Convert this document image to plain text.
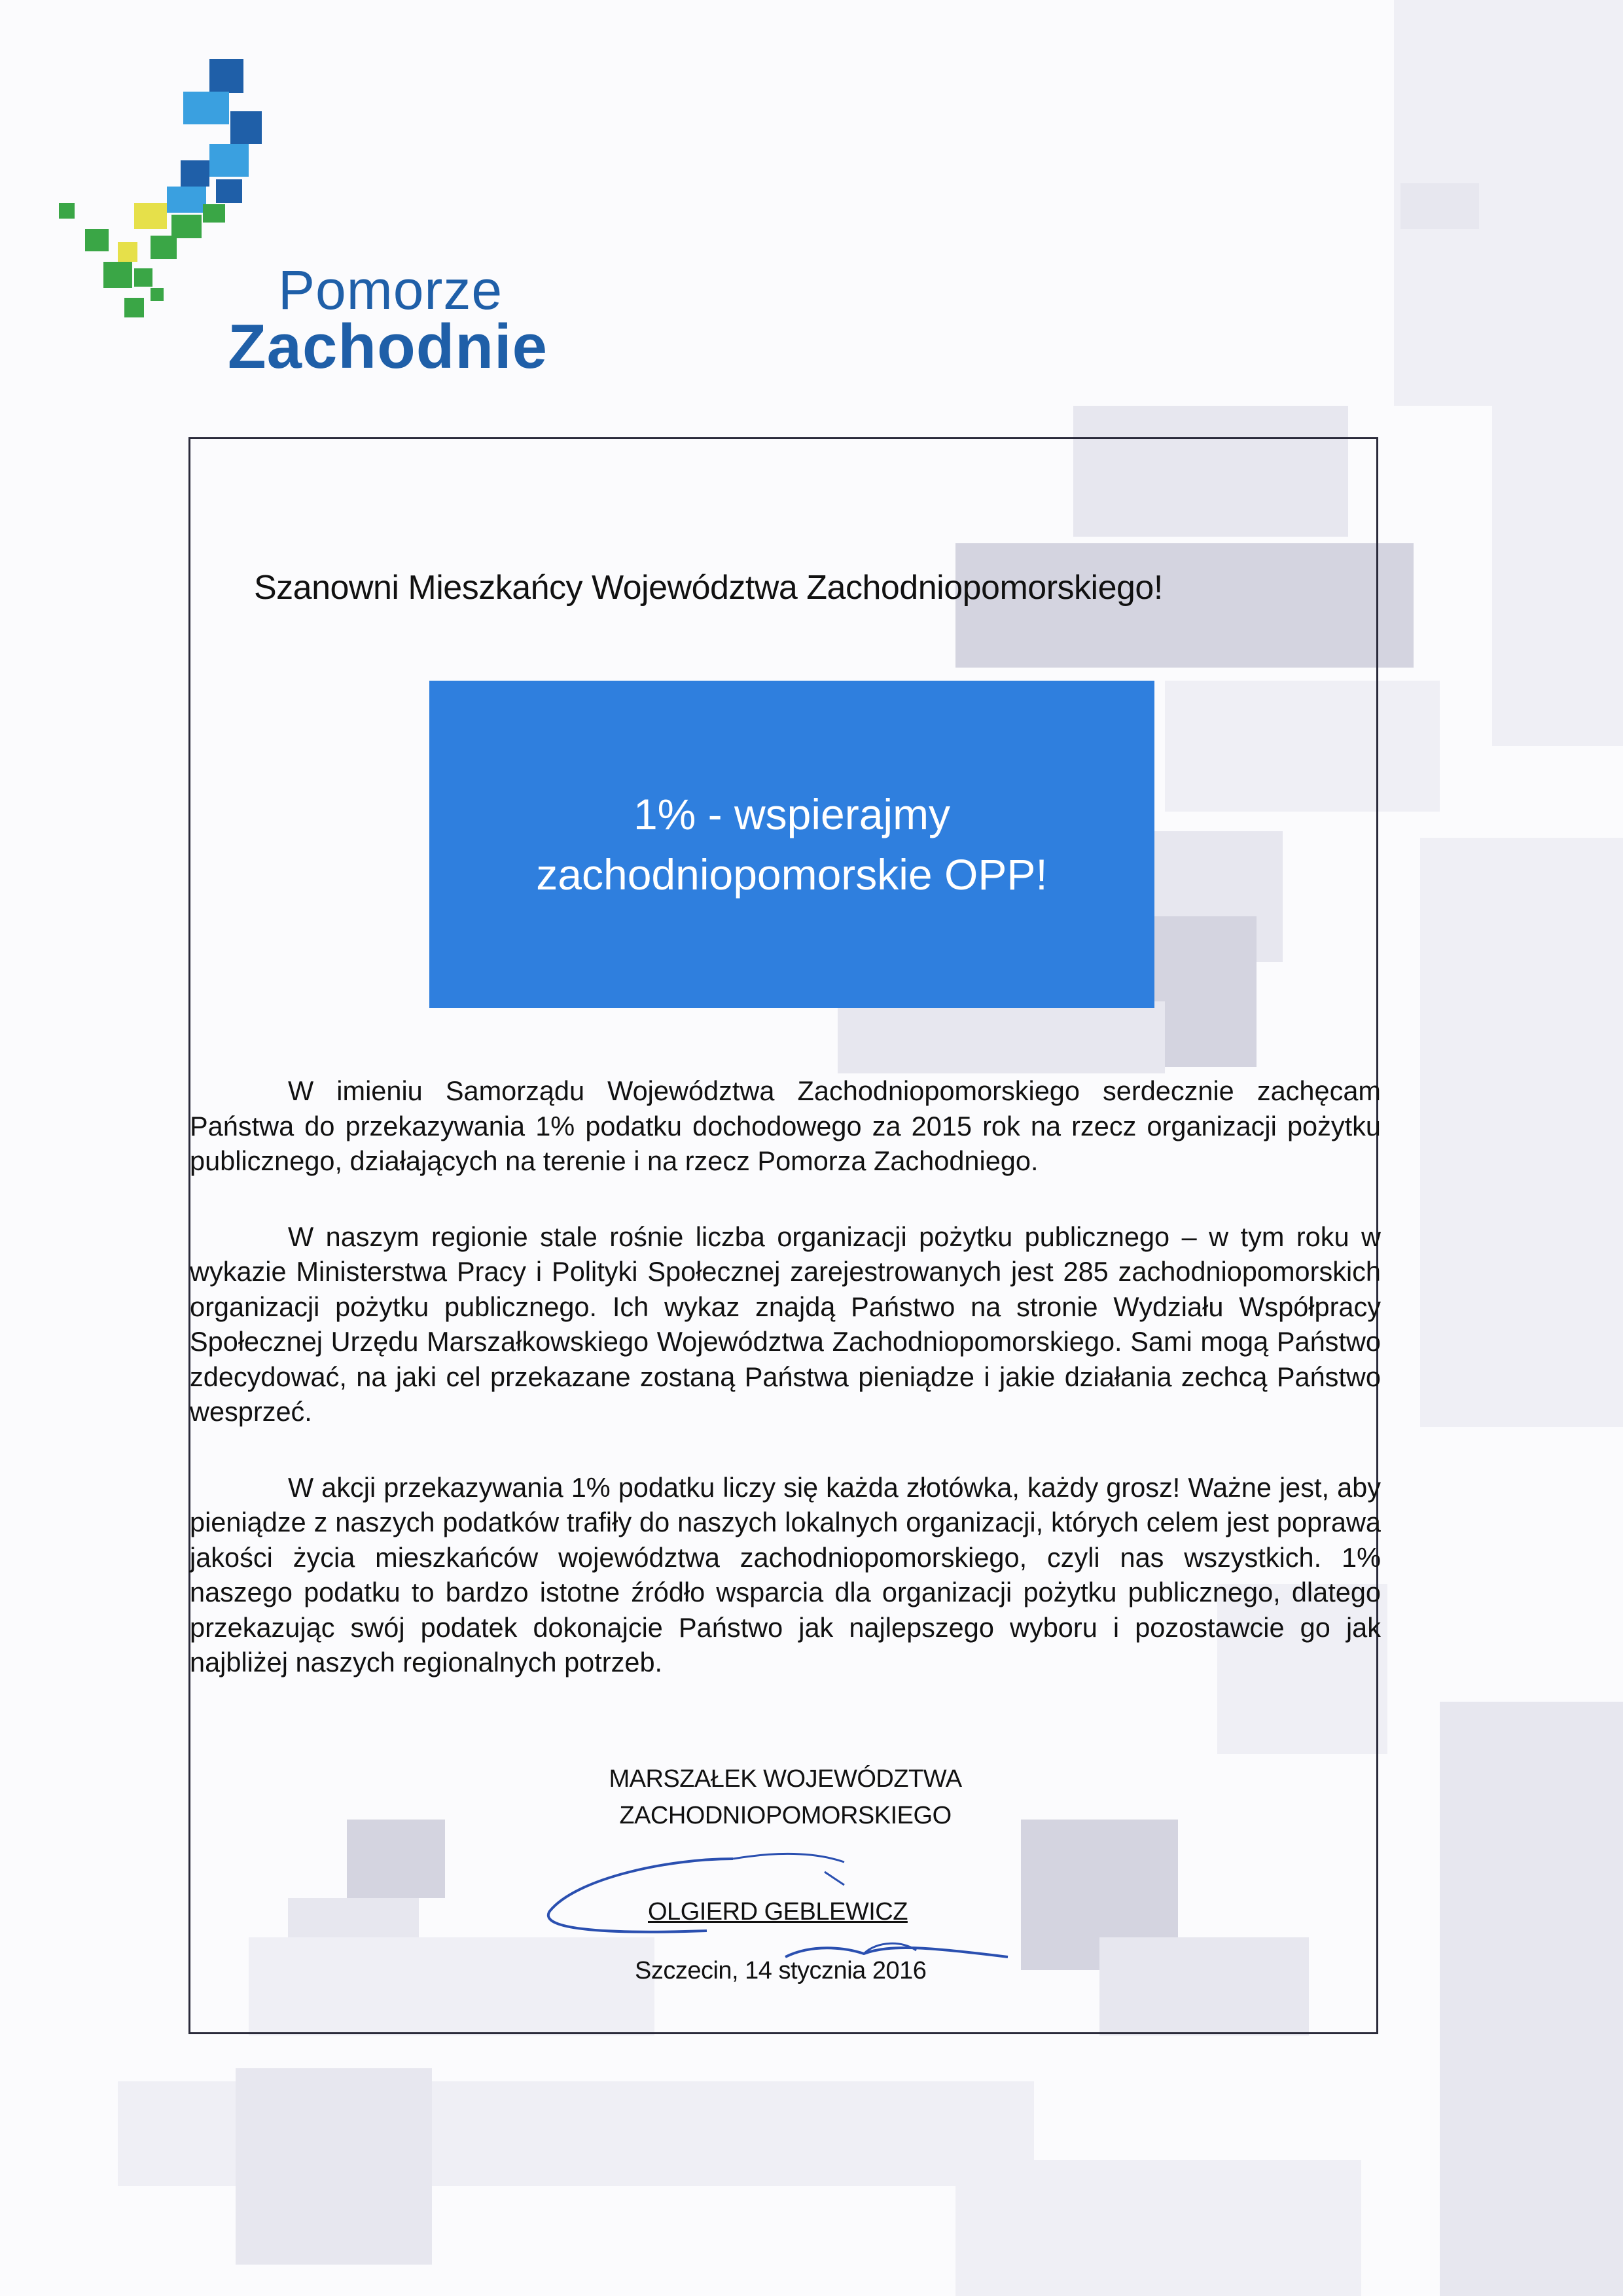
Pomorze
Zachodnie
Szanowni Mieszkańcy Województwa Zachodniopomorskiego!
1% - wspierajmy
zachodniopomorskie OPP!

W imieniu Samorządu Województwa Zachodniopomorskiego serdecznie zachęcam Państwa do przekazywania 1% podatku dochodowego za 2015 rok na rzecz organizacji pożytku publicznego, działających na terenie i na rzecz Pomorza Zachodniego.

W naszym regionie stale rośnie liczba organizacji pożytku publicznego – w tym roku w wykazie Ministerstwa Pracy i Polityki Społecznej zarejestrowanych jest 285 zachodniopomorskich organizacji pożytku publicznego. Ich wykaz znajdą Państwo na stronie Wydziału Współpracy Społecznej Urzędu Marszałkowskiego Województwa Zachodniopomorskiego. Sami mogą Państwo zdecydować, na jaki cel przekazane zostaną Państwa pieniądze i jakie działania zechcą Państwo wesprzeć.

W akcji przekazywania 1% podatku liczy się każda złotówka, każdy grosz! Ważne jest, aby pieniądze z naszych podatków trafiły do naszych lokalnych organizacji, których celem jest poprawa jakości życia mieszkańców województwa zachodniopomorskiego, czyli nas wszystkich. 1% naszego podatku to bardzo istotne źródło wsparcia dla organizacji pożytku publicznego, dlatego przekazując swój podatek dokonajcie Państwo jak najlepszego wyboru i pozostawcie go jak najbliżej naszych regionalnych potrzeb.

MARSZAŁEK WOJEWÓDZTWA
ZACHODNIOPOMORSKIEGO
OLGIERD GEBLEWICZ
Szczecin, 14 stycznia 2016
